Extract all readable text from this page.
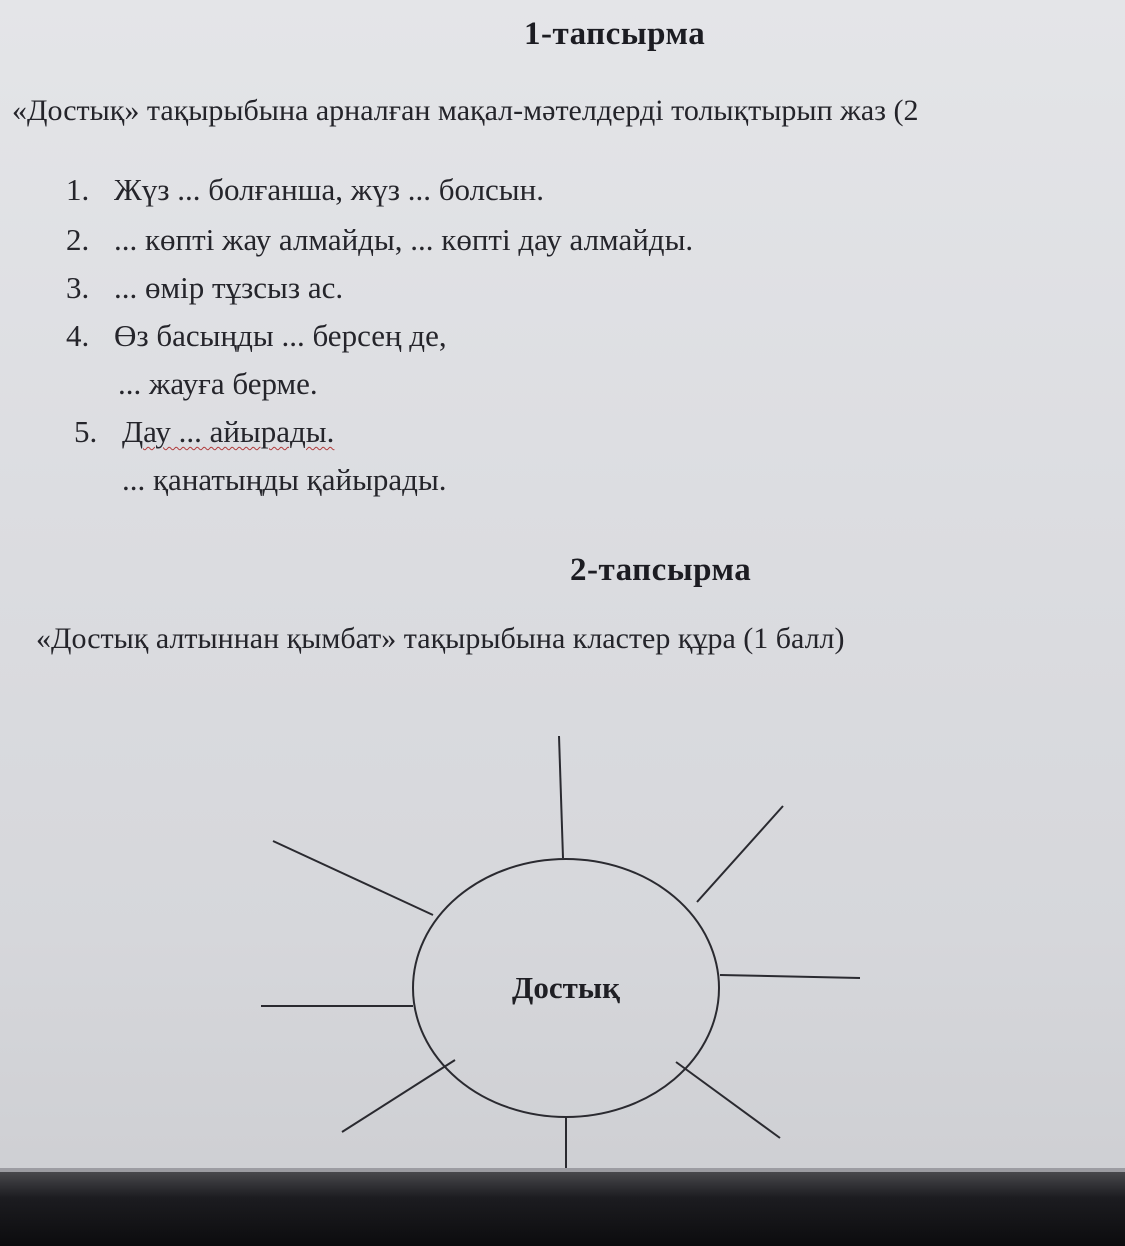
1-тапсырма
«Достық» тақырыбына арналған мақал-мәтелдерді толықтырып жаз (2
1. Жүз ... болғанша, жүз ... болсын.
2. ... көпті жау алмайды, ... көпті дау алмайды.
3. ... өмір тұзсыз ас.
4. Өз басыңды ... берсең де,
... жауға берме.
5. Дау ... айырады.
... қанатыңды қайырады.
2-тапсырма
«Достық алтыннан қымбат» тақырыбына кластер құра (1 балл)
Достық
